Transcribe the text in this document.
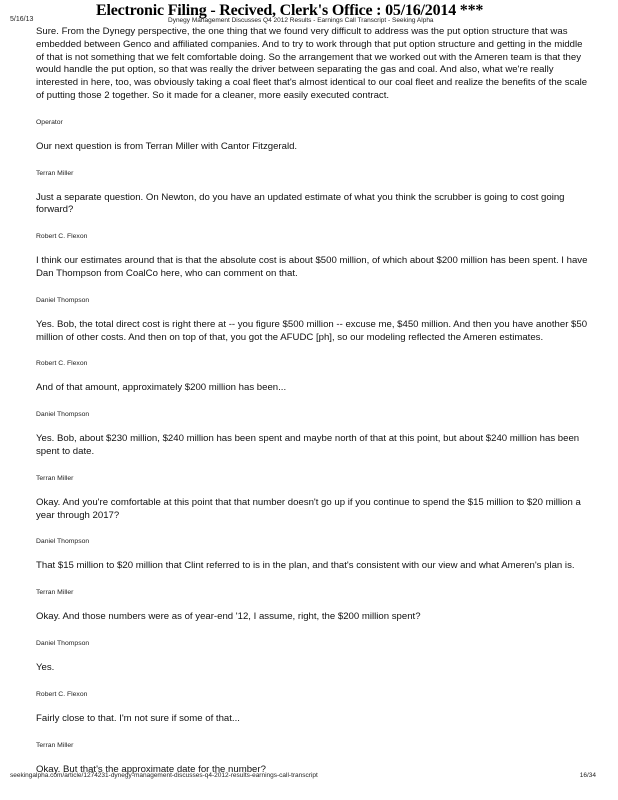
Electronic Filing - Recived, Clerk's Office : 05/16/2014 ***
5/16/13	Dynegy Management Discusses Q4 2012 Results - Earnings Call Transcript - Seeking Alpha

Sure. From the Dynegy perspective, the one thing that we found very difficult to address was the put option structure that was embedded between Genco and affiliated companies. And to try to work through that put option structure and getting in the middle of that is not something that we felt comfortable doing. So the arrangement that we worked out with the Ameren team is that they would handle the put option, so that was really the driver between separating the gas and coal. And also, what we're really interested in here, too, was obviously taking a coal fleet that's almost identical to our coal fleet and realize the benefits of the scale of putting those 2 together. So it made for a cleaner, more easily executed contract.

Operator

Our next question is from Terran Miller with Cantor Fitzgerald.

Terran Miller

Just a separate question. On Newton, do you have an updated estimate of what you think the scrubber is going to cost going forward?

Robert C. Flexon

I think our estimates around that is that the absolute cost is about $500 million, of which about $200 million has been spent. I have Dan Thompson from CoalCo here, who can comment on that.

Daniel Thompson

Yes. Bob, the total direct cost is right there at -- you figure $500 million -- excuse me, $450 million. And then you have another $50 million of other costs. And then on top of that, you got the AFUDC [ph], so our modeling reflected the Ameren estimates.

Robert C. Flexon

And of that amount, approximately $200 million has been...

Daniel Thompson

Yes. Bob, about $230 million, $240 million has been spent and maybe north of that at this point, but about $240 million has been spent to date.

Terran Miller

Okay. And you're comfortable at this point that that number doesn't go up if you continue to spend the $15 million to $20 million a year through 2017?

Daniel Thompson

That $15 million to $20 million that Clint referred to is in the plan, and that's consistent with our view and what Ameren's plan is.

Terran Miller

Okay. And those numbers were as of year-end '12, I assume, right, the $200 million spent?

Daniel Thompson

Yes.

Robert C. Flexon

Fairly close to that. I'm not sure if some of that...

Terran Miller

Okay. But that's the approximate date for the number?

seekingalpha.com/article/1274231-dynegy-management-discusses-q4-2012-results-earnings-call-transcript	16/34
